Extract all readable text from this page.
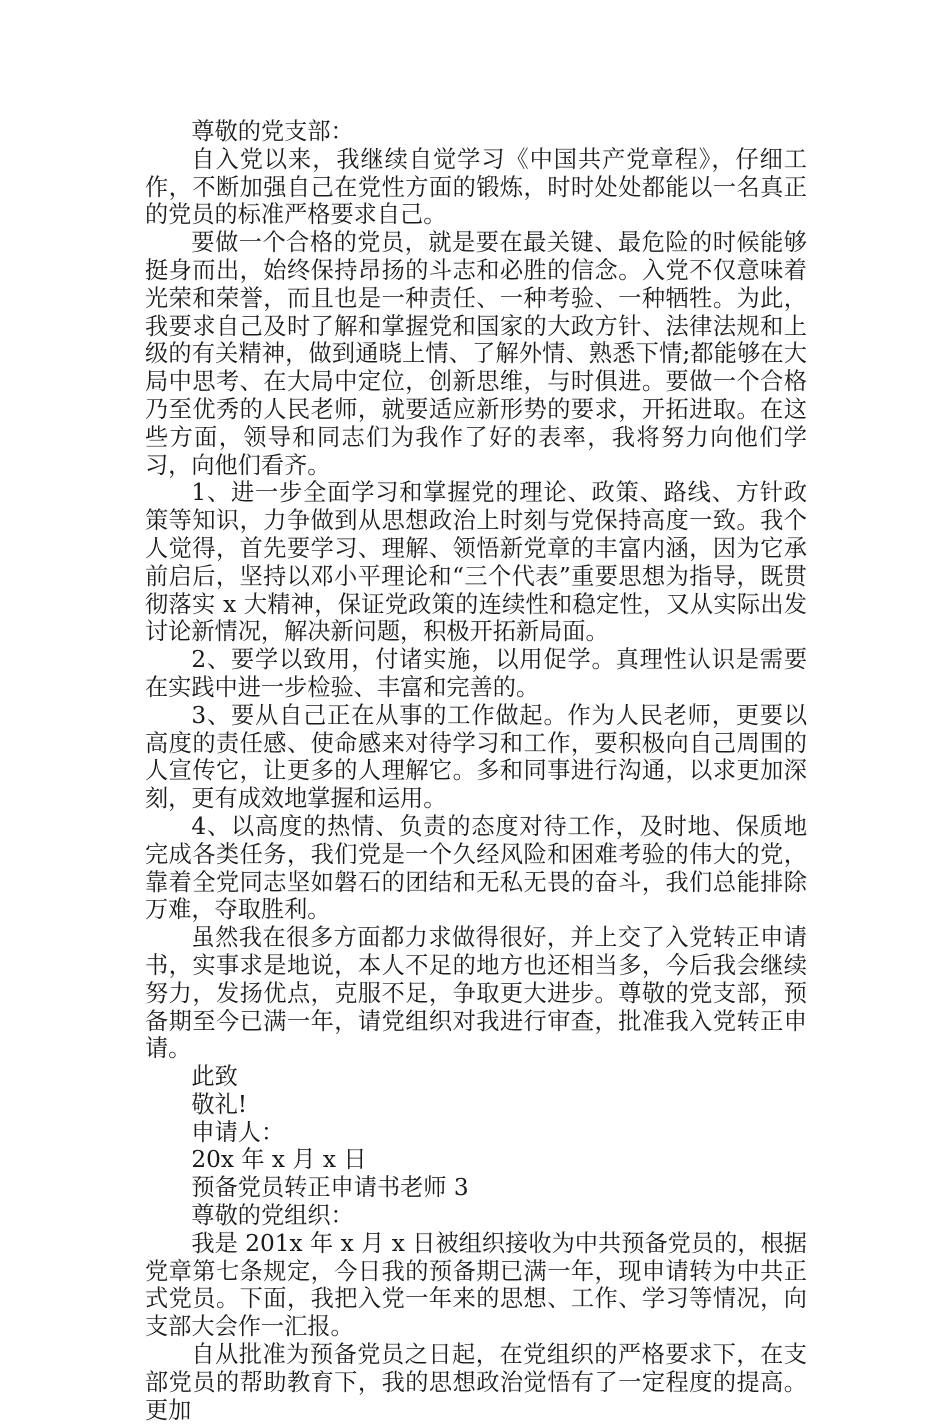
尊敬的党支部：

自入党以来，我继续自觉学习《中国共产党章程》，仔细工作，不断加强自己在党性方面的锻炼，时时处处都能以一名真正的党员的标准严格要求自己。

要做一个合格的党员，就是要在最关键、最危险的时候能够挺身而出，始终保持昂扬的斗志和必胜的信念。入党不仅意味着光荣和荣誉，而且也是一种责任、一种考验、一种牺牲。为此，我要求自己及时了解和掌握党和国家的大政方针、法律法规和上级的有关精神，做到通晓上情、了解外情、熟悉下情;都能够在大局中思考、在大局中定位，创新思维，与时俱进。要做一个合格乃至优秀的人民老师，就要适应新形势的要求，开拓进取。在这些方面，领导和同志们为我作了好的表率，我将努力向他们学习，向他们看齐。

1、进一步全面学习和掌握党的理论、政策、路线、方针政策等知识，力争做到从思想政治上时刻与党保持高度一致。我个人觉得，首先要学习、理解、领悟新党章的丰富内涵，因为它承前启后，坚持以邓小平理论和“三个代表”重要思想为指导，既贯彻落实 x 大精神，保证党政策的连续性和稳定性，又从实际出发讨论新情况，解决新问题，积极开拓新局面。

2、要学以致用，付诸实施，以用促学。真理性认识是需要在实践中进一步检验、丰富和完善的。

3、要从自己正在从事的工作做起。作为人民老师，更要以高度的责任感、使命感来对待学习和工作，要积极向自己周围的人宣传它，让更多的人理解它。多和同事进行沟通，以求更加深刻，更有成效地掌握和运用。

4、以高度的热情、负责的态度对待工作，及时地、保质地完成各类任务，我们党是一个久经风险和困难考验的伟大的党，靠着全党同志坚如磐石的团结和无私无畏的奋斗，我们总能排除万难，夺取胜利。

虽然我在很多方面都力求做得很好，并上交了入党转正申请书，实事求是地说，本人不足的地方也还相当多，今后我会继续努力，发扬优点，克服不足，争取更大进步。尊敬的党支部，预备期至今已满一年，请党组织对我进行审查，批准我入党转正申请。

此致

敬礼!

申请人：

20x 年 x 月 x 日

预备党员转正申请书老师 3

尊敬的党组织：

我是 201x 年 x 月 x 日被组织接收为中共预备党员的，根据党章第七条规定，今日我的预备期已满一年，现申请转为中共正式党员。下面，我把入党一年来的思想、工作、学习等情况，向支部大会作一汇报。

自从批准为预备党员之日起，在党组织的严格要求下，在支部党员的帮助教育下，我的思想政治觉悟有了一定程度的提高。更加
